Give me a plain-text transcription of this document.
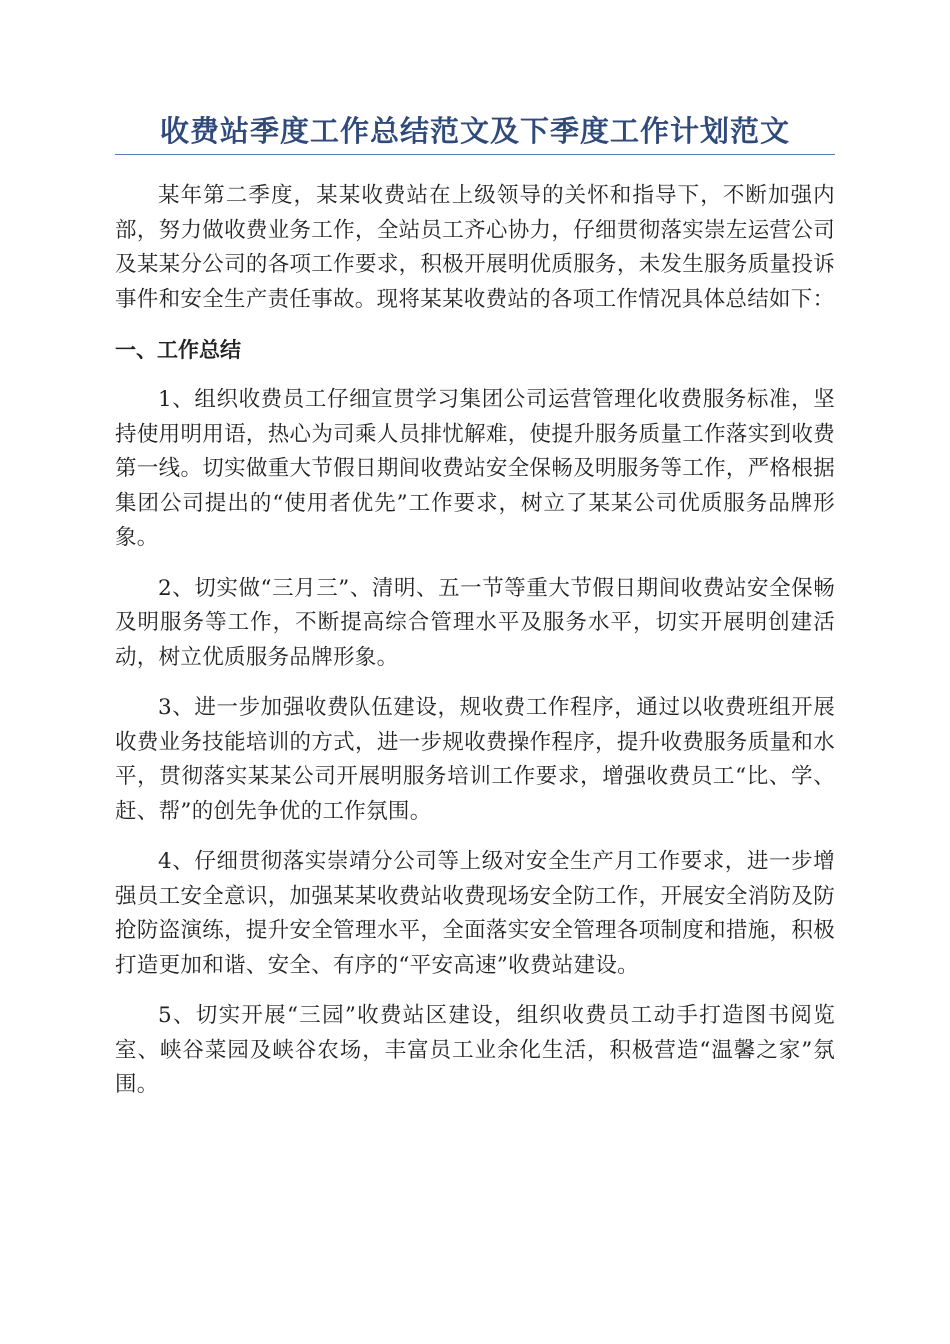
收费站季度工作总结范文及下季度工作计划范文

某年第二季度，某某收费站在上级领导的关怀和指导下，不断加强内部，努力做收费业务工作，全站员工齐心协力，仔细贯彻落实崇左运营公司及某某分公司的各项工作要求，积极开展明优质服务，未发生服务质量投诉事件和安全生产责任事故。现将某某收费站的各项工作情况具体总结如下：

一、工作总结

1、组织收费员工仔细宣贯学习集团公司运营管理化收费服务标准，坚持使用明用语，热心为司乘人员排忧解难，使提升服务质量工作落实到收费第一线。切实做重大节假日期间收费站安全保畅及明服务等工作，严格根据集团公司提出的“使用者优先”工作要求，树立了某某公司优质服务品牌形象。

2、切实做“三月三”、清明、五一节等重大节假日期间收费站安全保畅及明服务等工作，不断提高综合管理水平及服务水平，切实开展明创建活动，树立优质服务品牌形象。

3、进一步加强收费队伍建设，规收费工作程序，通过以收费班组开展收费业务技能培训的方式，进一步规收费操作程序，提升收费服务质量和水平，贯彻落实某某公司开展明服务培训工作要求，增强收费员工“比、学、赶、帮”的创先争优的工作氛围。

4、仔细贯彻落实崇靖分公司等上级对安全生产月工作要求，进一步增强员工安全意识，加强某某收费站收费现场安全防工作，开展安全消防及防抢防盗演练，提升安全管理水平，全面落实安全管理各项制度和措施，积极打造更加和谐、安全、有序的“平安高速”收费站建设。

5、切实开展“三园”收费站区建设，组织收费员工动手打造图书阅览室、峡谷菜园及峡谷农场，丰富员工业余化生活，积极营造“温馨之家”氛围。
